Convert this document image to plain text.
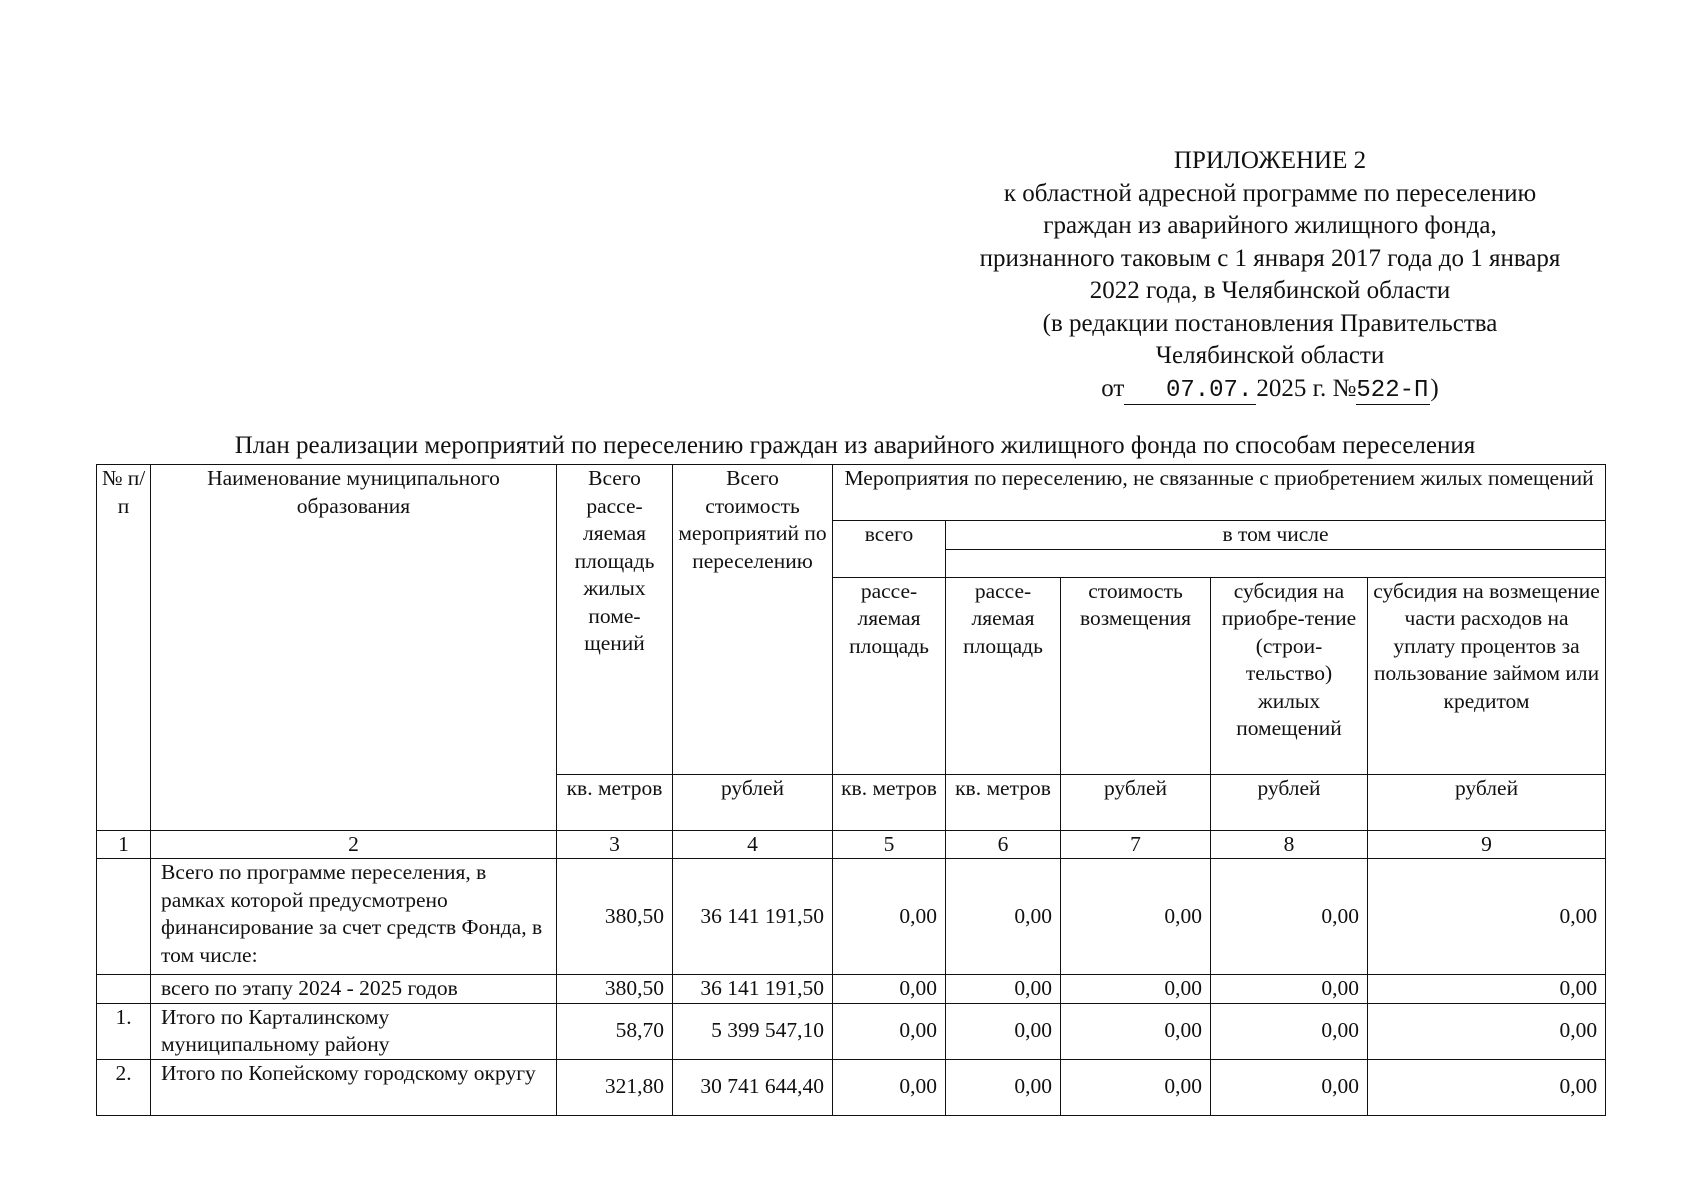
ПРИЛОЖЕНИЕ 2
к областной адресной программе по переселению
граждан из аварийного жилищного фонда,
признанного таковым с 1 января 2017 года до 1 января
2022 года, в Челябинской области
(в редакции постановления Правительства
Челябинской области
от 07.07. 2025 г. №522-П)
План реализации мероприятий по переселению граждан из аварийного жилищного фонда по способам переселения
№ п/п	Наименование муниципального образования	Всего рассе-ляемая площадь жилых поме-щений	Всего стоимость мероприятий по переселению	Мероприятия по переселению, не связанные с приобретением жилых помещений				
				всего	в том числе			

				рассе-ляемая площадь	рассе-ляемая площадь	стоимость возмещения	субсидия на приобре-тение (строи-тельство) жилых помещений	субсидия на возмещение части расходов на уплату процентов за пользование займом или кредитом
		кв. метров	рублей	кв. метров	кв. метров	рублей	рублей	рублей
1	2	3	4	5	6	7	8	9
	Всего по программе переселения, в рамках которой предусмотрено финансирование за счет средств Фонда, в том числе:	380,50	36 141 191,50	0,00	0,00	0,00	0,00	0,00
	всего по этапу 2024 - 2025 годов	380,50	36 141 191,50	0,00	0,00	0,00	0,00	0,00
1.	Итого по Карталинскому муниципальному району	58,70	5 399 547,10	0,00	0,00	0,00	0,00	0,00
2.	Итого по Копейскому городскому округу	321,80	30 741 644,40	0,00	0,00	0,00	0,00	0,00
